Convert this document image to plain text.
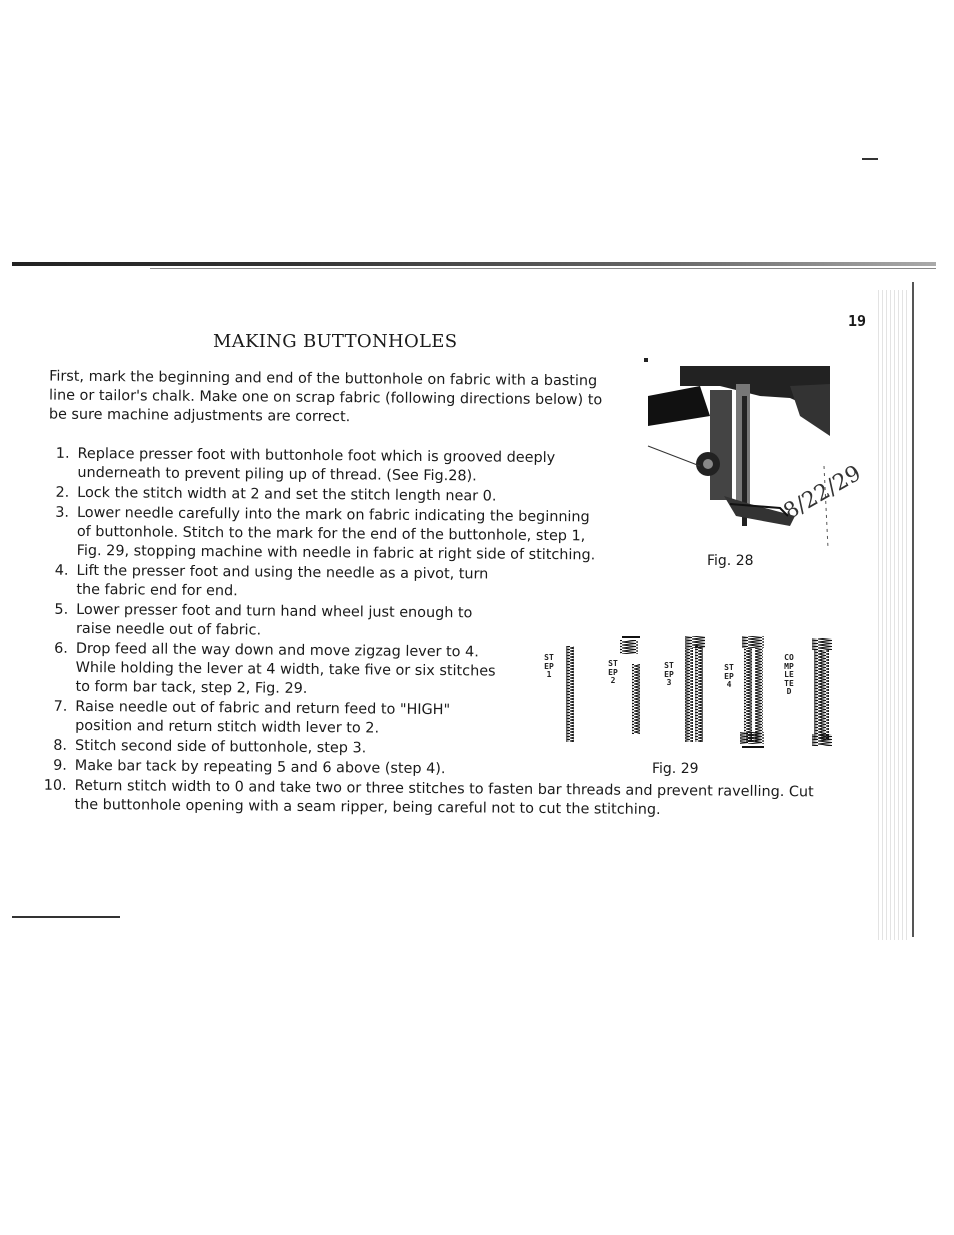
19
MAKING BUTTONHOLES

First, mark the beginning and end of the buttonhole on fabric with a basting line or tailor's chalk. Make one on scrap fabric (following directions below) to be sure machine adjustments are correct.

1. Replace presser foot with buttonhole foot which is grooved deeply underneath to prevent piling up of thread. (See Fig.28).
2. Lock the stitch width at 2 and set the stitch length near 0.
3. Lower needle carefully into the mark on fabric indicating the beginning of buttonhole. Stitch to the mark for the end of the buttonhole, step 1, Fig. 29, stopping machine with needle in fabric at right side of stitching.
4. Lift the presser foot and using the needle as a pivot, turn the fabric end for end.
5. Lower presser foot and turn hand wheel just enough to raise needle out of fabric.
6. Drop feed all the way down and move zigzag lever to 4. While holding the lever at 4 width, take five or six stitches to form bar tack, step 2, Fig. 29.
7. Raise needle out of fabric and return feed to "HIGH" position and return stitch width lever to 2.
8. Stitch second side of buttonhole, step 3.
9. Make bar tack by repeating 5 and 6 above (step 4).
10. Return stitch width to 0 and take two or three stitches to fasten bar threads and prevent ravelling. Cut the buttonhole opening with a seam ripper, being careful not to cut the stitching.
Fig. 28
8/22/29
STEP 1
STEP 2
STEP 3
STEP 4
COMPLETED
Fig. 29
